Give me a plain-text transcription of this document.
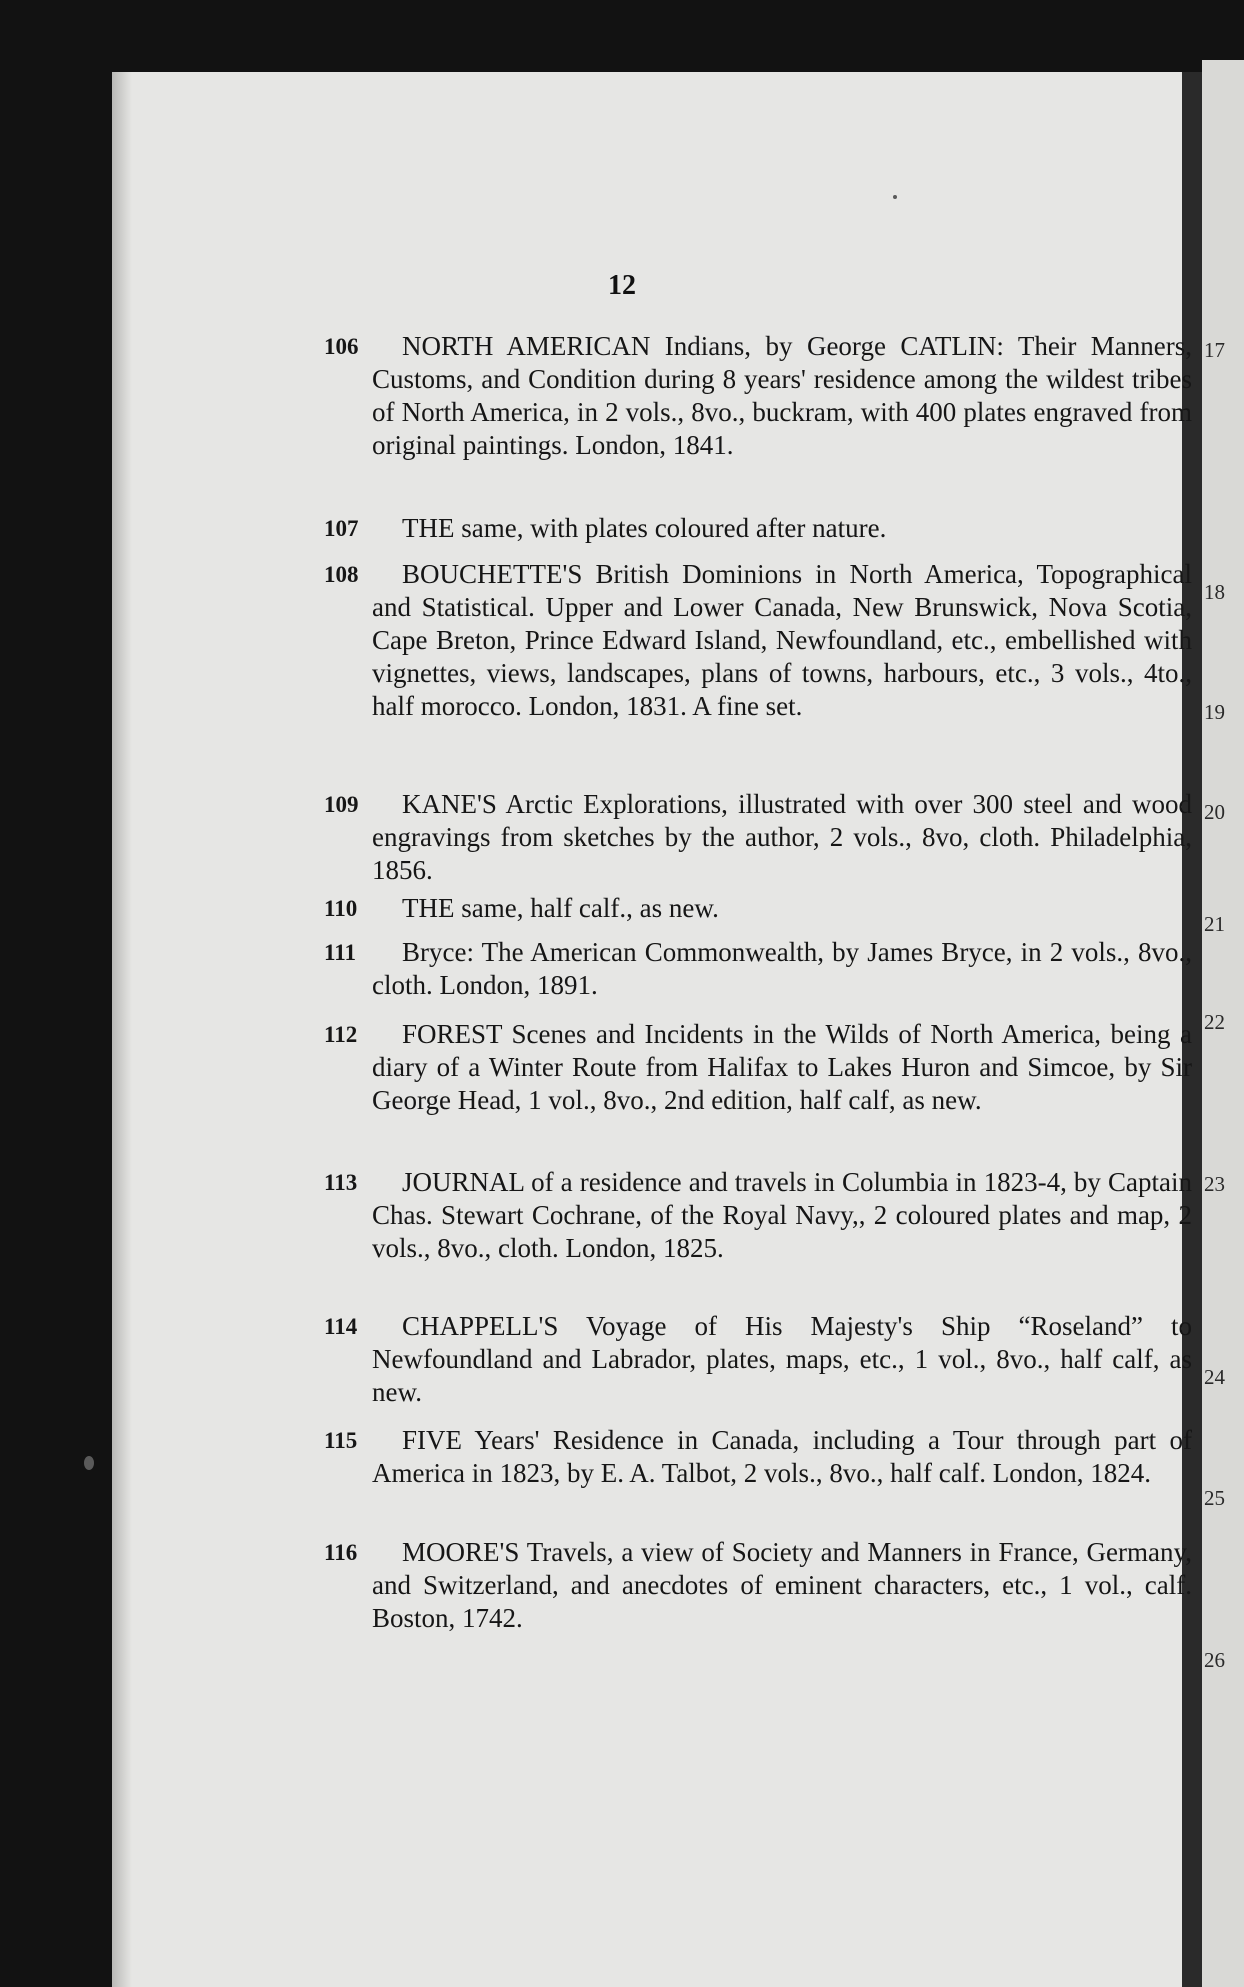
17
18
19
20
21
22
23
24
25
26
12
106	NORTH AMERICAN Indians, by George CATLIN: Their Manners, Customs, and Condition during 8 years' residence among the wildest tribes of North America, in 2 vols., 8vo., buckram, with 400 plates engraved from original paintings. London, 1841.
107	THE same, with plates coloured after nature.
108	BOUCHETTE'S British Dominions in North America, Topographical and Statistical. Upper and Lower Canada, New Brunswick, Nova Scotia, Cape Breton, Prince Edward Island, Newfoundland, etc., embellished with vignettes, views, landscapes, plans of towns, harbours, etc., 3 vols., 4to., half morocco. London, 1831. A fine set.
109	KANE'S Arctic Explorations, illustrated with over 300 steel and wood engravings from sketches by the author, 2 vols., 8vo, cloth. Philadelphia, 1856.
110	THE same, half calf., as new.
111	Bryce: The American Commonwealth, by James Bryce, in 2 vols., 8vo., cloth. London, 1891.
112	FOREST Scenes and Incidents in the Wilds of North America, being a diary of a Winter Route from Halifax to Lakes Huron and Simcoe, by Sir George Head, 1 vol., 8vo., 2nd edition, half calf, as new.
113	JOURNAL of a residence and travels in Columbia in 1823-4, by Captain Chas. Stewart Cochrane, of the Royal Navy,, 2 coloured plates and map, 2 vols., 8vo., cloth. London, 1825.
114	CHAPPELL'S Voyage of His Majesty's Ship “Roseland” to Newfoundland and Labrador, plates, maps, etc., 1 vol., 8vo., half calf, as new.
115	FIVE Years' Residence in Canada, including a Tour through part of America in 1823, by E. A. Talbot, 2 vols., 8vo., half calf. London, 1824.
116	MOORE'S Travels, a view of Society and Manners in France, Germany, and Switzerland, and anecdotes of eminent characters, etc., 1 vol., calf. Boston, 1742.
